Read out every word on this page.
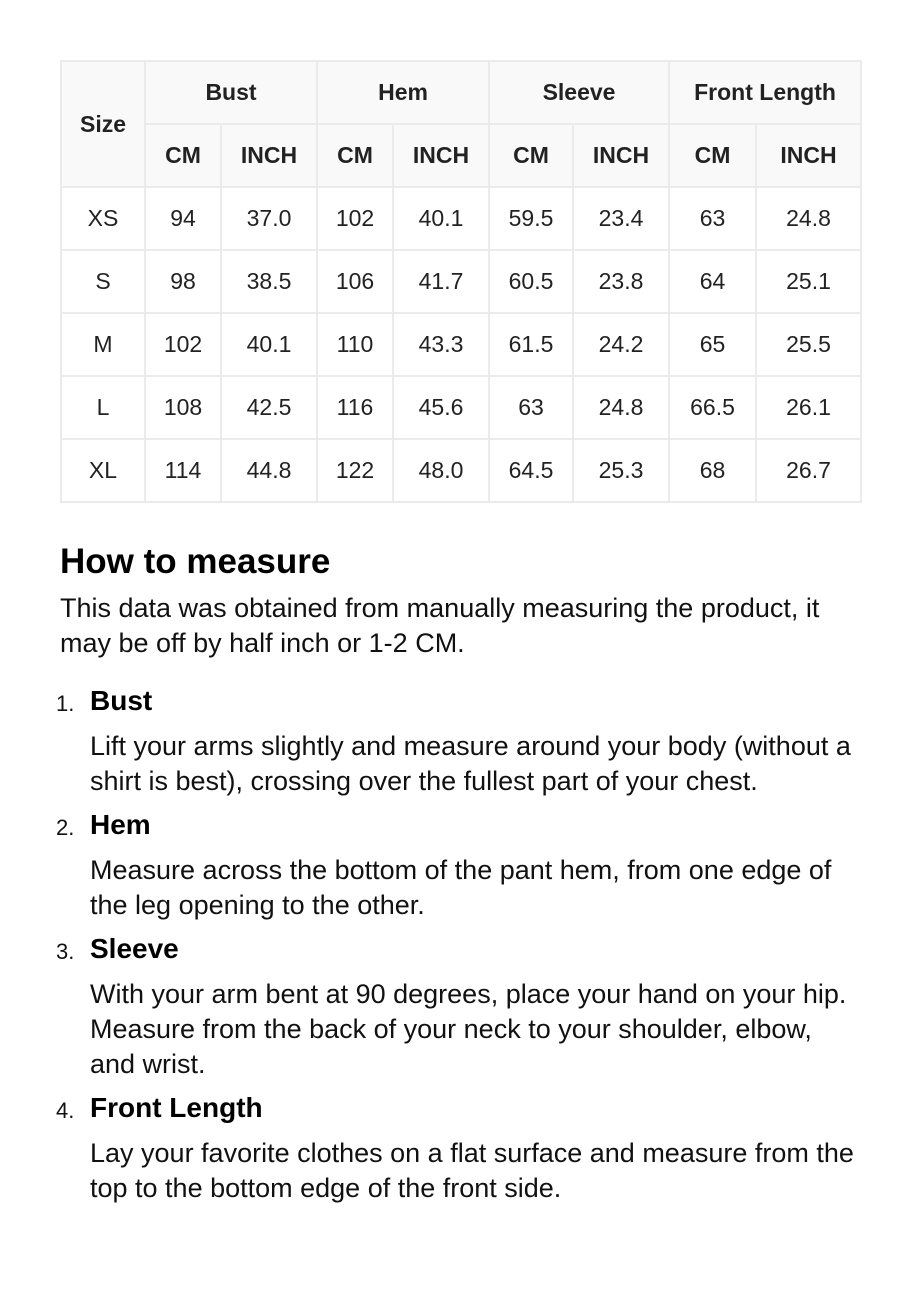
Size	Bust		Hem		Sleeve		Front Length	
	CM	INCH	CM	INCH	CM	INCH	CM	INCH
XS	94	37.0	102	40.1	59.5	23.4	63	24.8
S	98	38.5	106	41.7	60.5	23.8	64	25.1
M	102	40.1	110	43.3	61.5	24.2	65	25.5
L	108	42.5	116	45.6	63	24.8	66.5	26.1
XL	114	44.8	122	48.0	64.5	25.3	68	26.7
How to measure

This data was obtained from manually measuring the product, it may be off by half inch or 1-2 CM.

1. Bust
Lift your arms slightly and measure around your body (without a shirt is best), crossing over the fullest part of your chest.
2. Hem
Measure across the bottom of the pant hem, from one edge of the leg opening to the other.
3. Sleeve
With your arm bent at 90 degrees, place your hand on your hip. Measure from the back of your neck to your shoulder, elbow, and wrist.
4. Front Length
Lay your favorite clothes on a flat surface and measure from the top to the bottom edge of the front side.
